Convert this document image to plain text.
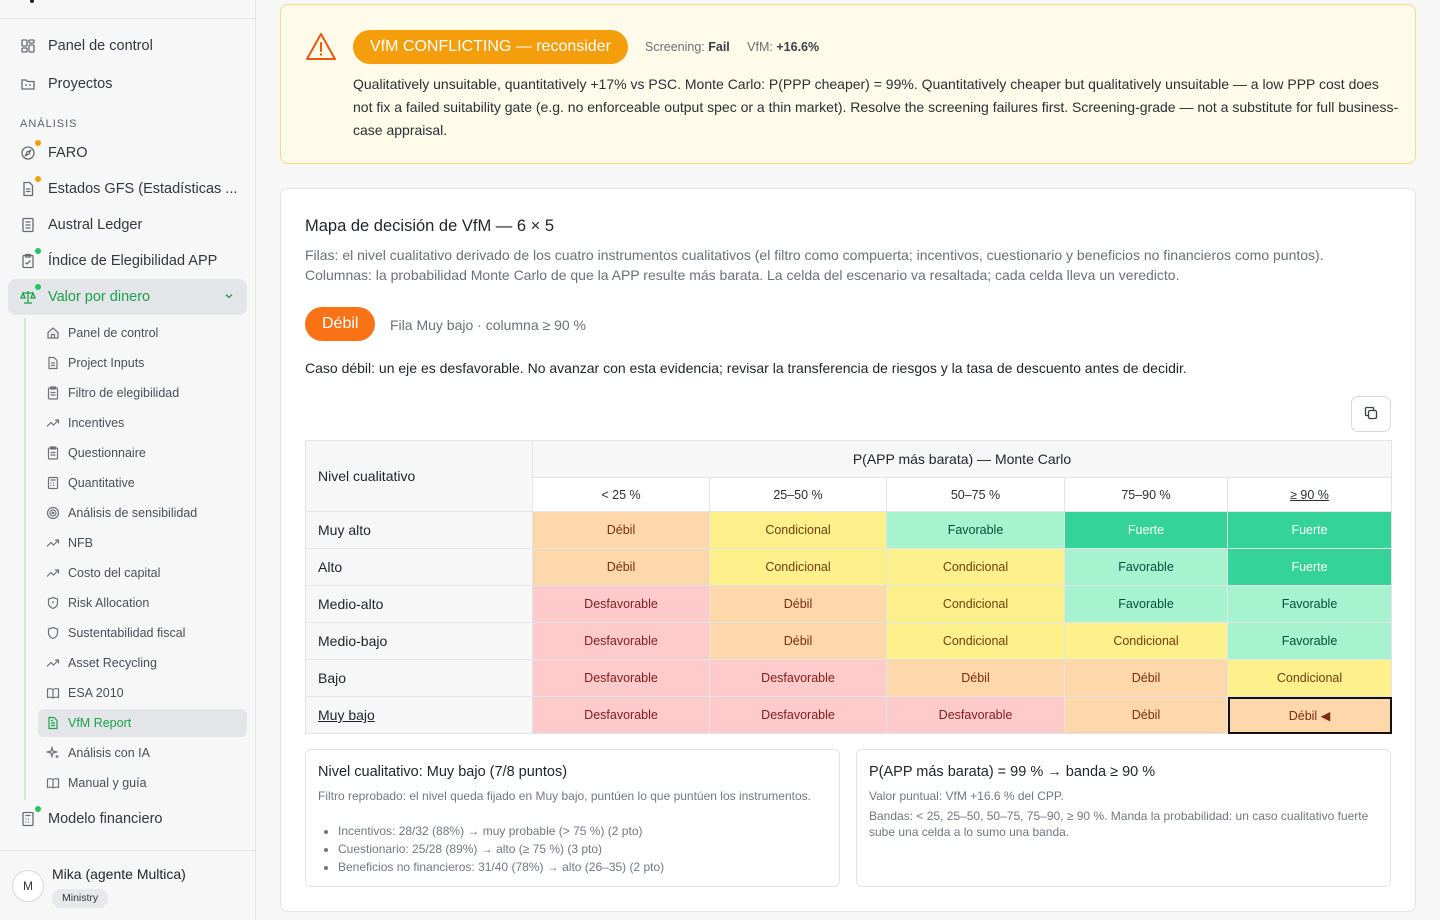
Panel de control
Proyectos
ANÁLISIS
FARO
Estados GFS (Estadísticas ...
Austral Ledger
Índice de Elegibilidad APP
Valor por dinero
Panel de control
Project Inputs
Filtro de elegibilidad
Incentives
Questionnaire
Quantitative
Análisis de sensibilidad
NFB
Costo del capital
Risk Allocation
Sustentabilidad fiscal
Asset Recycling
ESA 2010
VfM Report
Análisis con IA
Manual y guía
Modelo financiero
M
Mika (agente Multica)
Ministry
VfM CONFLICTING — reconsider	Screening: Fail VfM: +16.6%

Qualitatively unsuitable, quantitatively +17% vs PSC. Monte Carlo: P(PPP cheaper) = 99%. Quantitatively cheaper but qualitatively unsuitable — a low PPP cost does not fix a failed suitability gate (e.g. no enforceable output spec or a thin market). Resolve the screening failures first. Screening-grade — not a substitute for full business-case appraisal.

Mapa de decisión de VfM — 6 × 5

Filas: el nivel cualitativo derivado de los cuatro instrumentos cualitativos (el filtro como compuerta; incentivos, cuestionario y beneficios no financieros como puntos). Columnas: la probabilidad Monte Carlo de que la APP resulte más barata. La celda del escenario va resaltada; cada celda lleva un veredicto.

Débil	Fila Muy bajo · columna ≥ 90 %

Caso débil: un eje es desfavorable. No avanzar con esta evidencia; revisar la transferencia de riesgos y la tasa de descuento antes de decidir.

Nivel cualitativo	P(APP más barata) — Monte Carlo				
	< 25 %	25–50 %	50–75 %	75–90 %	≥ 90 %
Muy alto	Débil	Condicional	Favorable	Fuerte	Fuerte
Alto	Débil	Condicional	Condicional	Favorable	Fuerte
Medio-alto	Desfavorable	Débil	Condicional	Favorable	Favorable
Medio-bajo	Desfavorable	Débil	Condicional	Condicional	Favorable
Bajo	Desfavorable	Desfavorable	Débil	Débil	Condicional
Muy bajo	Desfavorable	Desfavorable	Desfavorable	Débil	Débil ◀
Nivel cualitativo: Muy bajo (7/8 puntos)

Filtro reprobado: el nivel queda fijado en Muy bajo, puntúen lo que puntúen los instrumentos.

• Incentivos: 28/32 (88%) → muy probable (> 75 %) (2 pto)
• Cuestionario: 25/28 (89%) → alto (≥ 75 %) (3 pto)
• Beneficios no financieros: 31/40 (78%) → alto (26–35) (2 pto)
P(APP más barata) = 99 % → banda ≥ 90 %

Valor puntual: VfM +16.6 % del CPP.

Bandas: < 25, 25–50, 50–75, 75–90, ≥ 90 %. Manda la probabilidad: un caso cualitativo fuerte sube una celda a lo sumo una banda.
